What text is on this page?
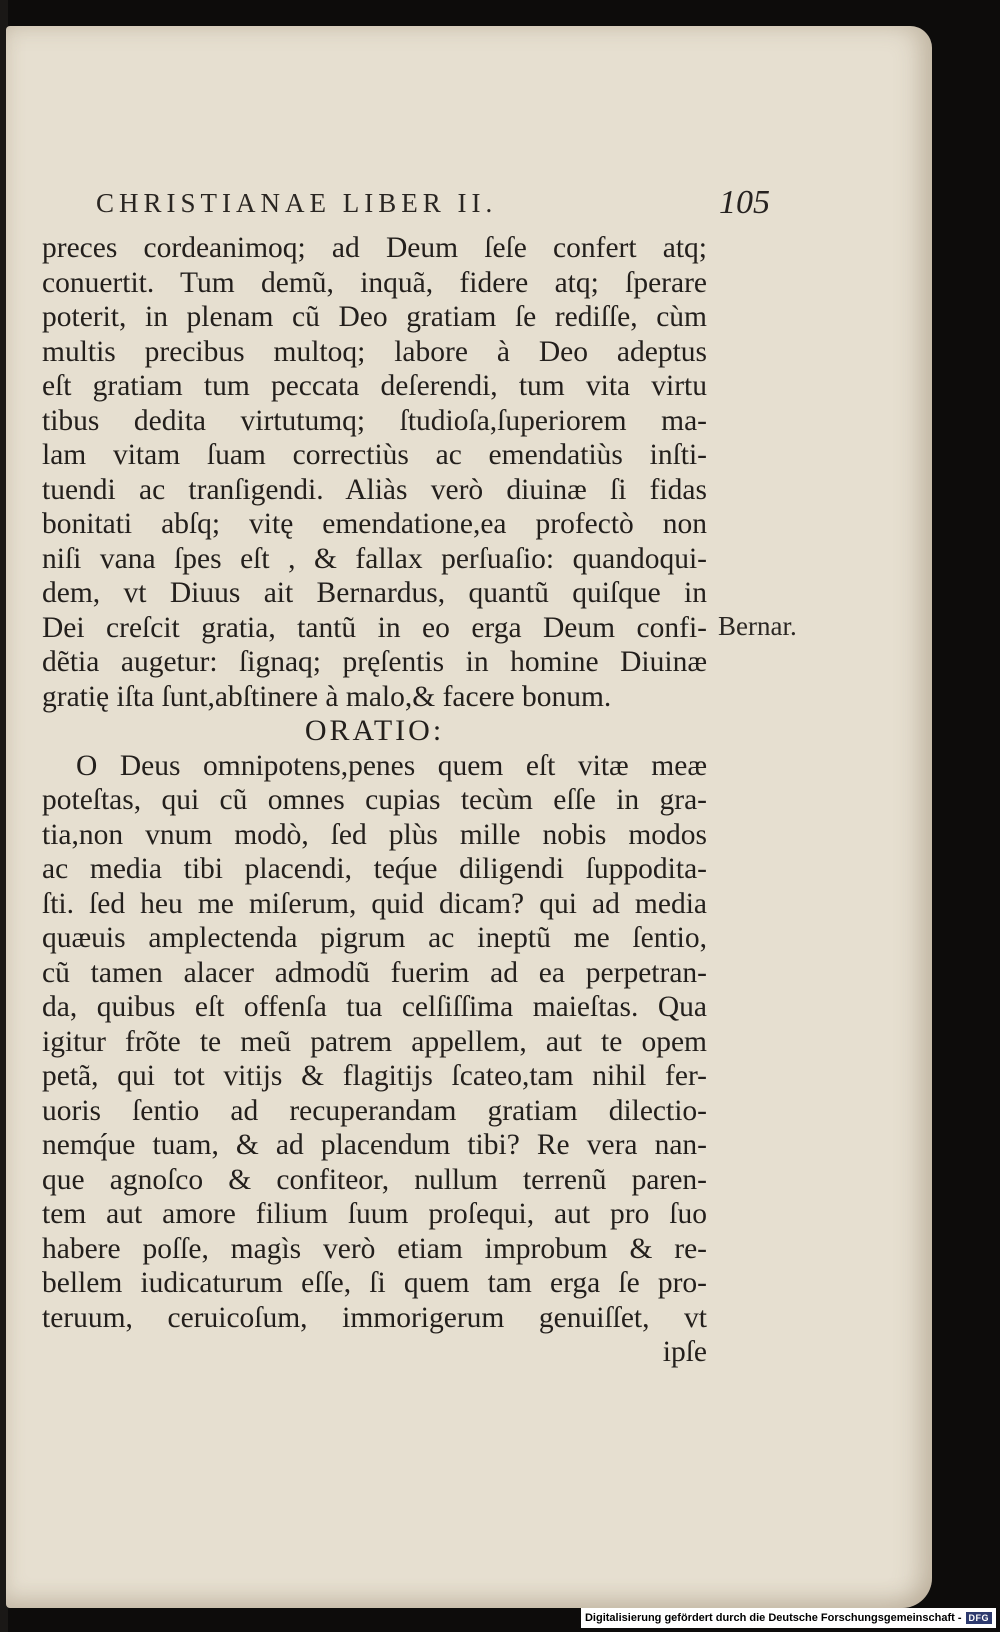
CHRISTIANAE LIBER II.	105
preces cordeanimoq; ad Deum ſeſe confert atq;
conuertit. Tum demũ, inquã, fidere atq; ſperare
poterit, in plenam cũ Deo gratiam ſe rediſſe, cùm
multis precibus multoq; labore à Deo adeptus
eſt gratiam tum peccata deſerendi, tum vita virtu
tibus dedita virtutumq; ſtudioſa,ſuperiorem ma-
lam vitam ſuam correctiùs ac emendatiùs inſti-
tuendi ac tranſigendi. Aliàs verò diuinæ ſi fidas
bonitati abſq; vitę emendatione,ea profectò non
niſi vana ſpes eſt , & fallax perſuaſio: quandoqui-
dem, vt Diuus ait Bernardus, quantũ quiſque in
Dei creſcit gratia, tantũ in eo erga Deum confi-
dẽtia augetur: ſignaq; pręſentis in homine Diuinæ
gratię iſta ſunt,abſtinere à malo,& facere bonum.
ORATIO:
O Deus omnipotens,penes quem eſt vitæ meæ
poteſtas, qui cũ omnes cupias tecùm eſſe in gra-
tia,non vnum modò, ſed plùs mille nobis modos
ac media tibi placendi, teq́ue diligendi ſuppodita-
ſti. ſed heu me miſerum, quid dicam? qui ad media
quæuis amplectenda pigrum ac ineptũ me ſentio,
cũ tamen alacer admodũ fuerim ad ea perpetran-
da, quibus eſt offenſa tua celſiſſima maieſtas. Qua
igitur frõte te meũ patrem appellem, aut te opem
petã, qui tot vitijs & flagitijs ſcateo,tam nihil fer-
uoris ſentio ad recuperandam gratiam dilectio-
nemq́ue tuam, & ad placendum tibi? Re vera nan-
que agnoſco & confiteor, nullum terrenũ paren-
tem aut amore filium ſuum proſequi, aut pro ſuo
habere poſſe, magìs verò etiam improbum & re-
bellem iudicaturum eſſe, ſi quem tam erga ſe pro-
teruum, ceruicoſum, immorigerum genuiſſet, vt
ipſe
Bernar.
Digitalisierung gefördert durch die Deutsche Forschungsgemeinschaft - DFG
